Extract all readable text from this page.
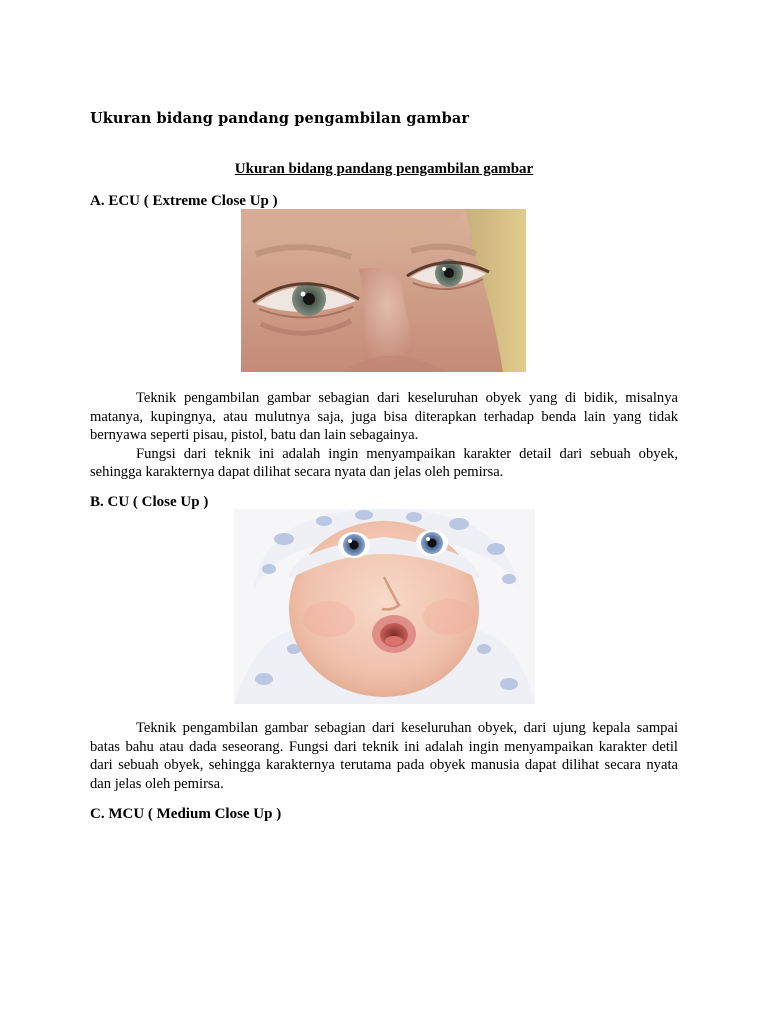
Ukuran bidang pandang pengambilan gambar
Ukuran bidang pandang pengambilan gambar
A. ECU ( Extreme Close Up )

Teknik pengambilan gambar sebagian dari keseluruhan obyek yang di bidik, misalnya matanya, kupingnya, atau mulutnya saja, juga bisa diterapkan terhadap benda lain yang tidak bernyawa seperti pisau, pistol, batu dan lain sebagainya.

Fungsi dari teknik ini adalah ingin menyampaikan karakter detail dari sebuah obyek, sehingga karakternya dapat dilihat secara nyata dan jelas oleh pemirsa.

B. CU ( Close Up )

Teknik pengambilan gambar sebagian dari keseluruhan obyek, dari ujung kepala sampai batas bahu atau dada seseorang. Fungsi dari teknik ini adalah ingin menyampaikan karakter detil dari sebuah obyek, sehingga karakternya terutama pada obyek manusia dapat dilihat secara nyata dan jelas oleh pemirsa.

C. MCU ( Medium Close Up )
